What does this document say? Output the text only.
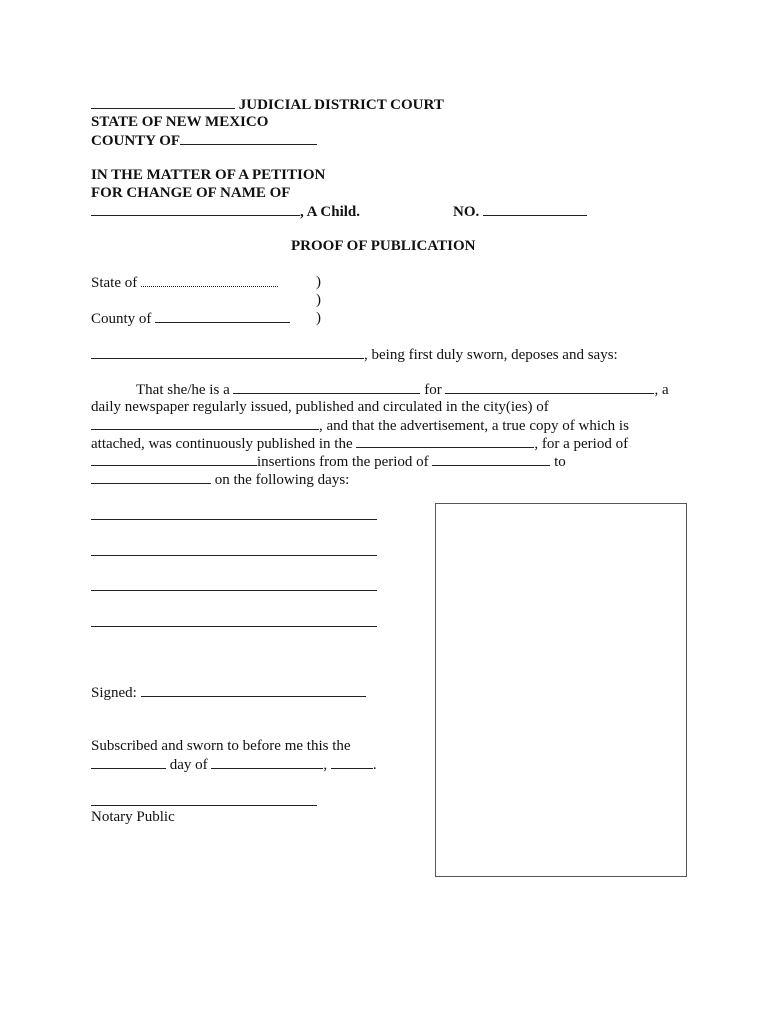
JUDICIAL DISTRICT COURT
STATE OF NEW MEXICO
COUNTY OF
IN THE MATTER OF A PETITION
FOR CHANGE OF NAME OF
, A Child.	NO.
PROOF OF PUBLICATION
State of	)
)
County of	)
, being first duly sworn, deposes and says:
That she/he is a	for	, a
daily newspaper regularly issued, published and circulated in the city(ies) of
, and that the advertisement, a true copy of which is
attached, was continuously published in the	, for a period of
insertions from the period of	to
on the following days:
Signed:
Subscribed and sworn to before me this the
day of	,	.
Notary Public
